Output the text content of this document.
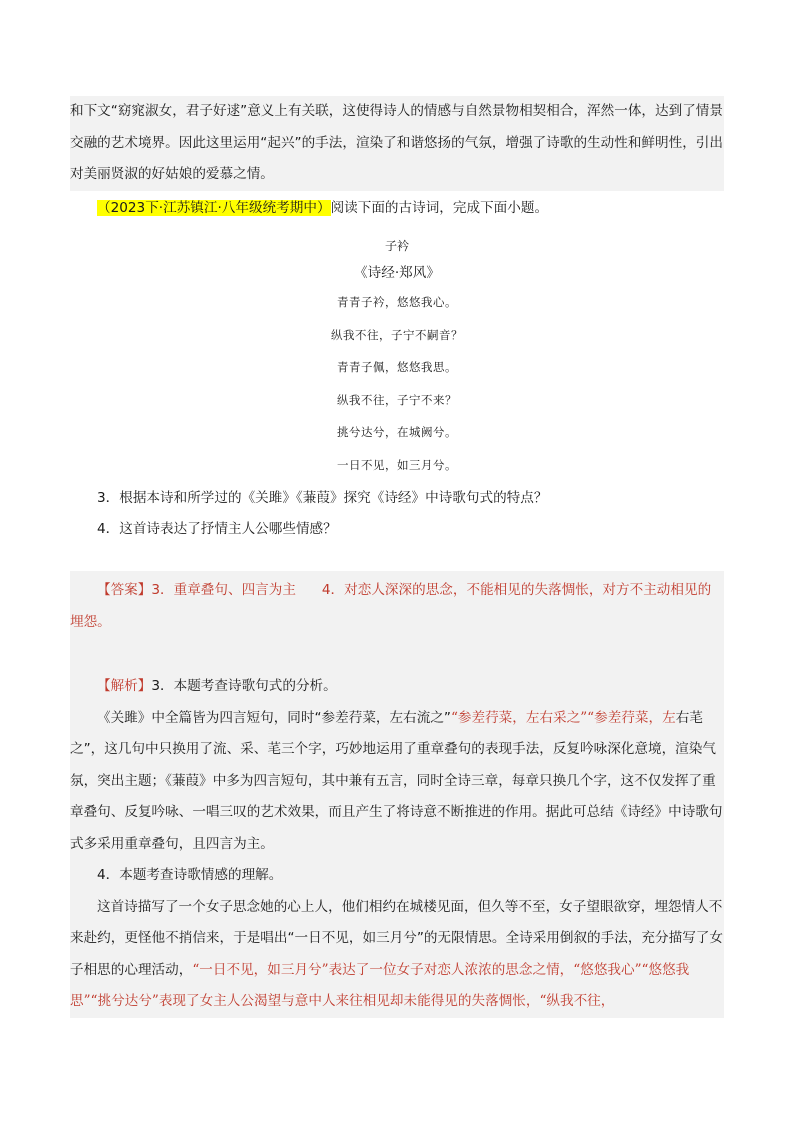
和下文“窈窕淑女，君子好逑”意义上有关联，这使得诗人的情感与自然景物相契相合，浑然一体，达到了情景交融的艺术境界。因此这里运用“起兴”的手法，渲染了和谐悠扬的气氛，增强了诗歌的生动性和鲜明性，引出对美丽贤淑的好姑娘的爱慕之情。

（2023下·江苏镇江·八年级统考期中）阅读下面的古诗词，完成下面小题。

子衿
《诗经·郑风》
青青子衿，悠悠我心。
纵我不往，子宁不嗣音？
青青子佩，悠悠我思。
纵我不往，子宁不来？
挑兮达兮，在城阙兮。
一日不见，如三月兮。

3．根据本诗和所学过的《关雎》《蒹葭》探究《诗经》中诗歌句式的特点？

4．这首诗表达了抒情主人公哪些情感？

【答案】3．重章叠句、四言为主 4．对恋人深深的思念，不能相见的失落惆怅，对方不主动相见的埋怨。

【解析】3．本题考查诗歌句式的分析。

《关雎》中全篇皆为四言短句，同时“参差荇菜，左右流之”“参差荇菜，左右采之”“参差荇菜，左右芼之”，这几句中只换用了流、采、芼三个字，巧妙地运用了重章叠句的表现手法，反复吟咏深化意境，渲染气氛，突出主题；《蒹葭》中多为四言短句，其中兼有五言，同时全诗三章，每章只换几个字，这不仅发挥了重章叠句、反复吟咏、一唱三叹的艺术效果，而且产生了将诗意不断推进的作用。据此可总结《诗经》中诗歌句式多采用重章叠句，且四言为主。

4．本题考查诗歌情感的理解。

这首诗描写了一个女子思念她的心上人，他们相约在城楼见面，但久等不至，女子望眼欲穿，埋怨情人不来赴约，更怪他不捎信来，于是唱出“一日不见，如三月兮”的无限情思。全诗采用倒叙的手法，充分描写了女子相思的心理活动，“一日不见，如三月兮”表达了一位女子对恋人浓浓的思念之情，“悠悠我心”“悠悠我思”“挑兮达兮”表现了女主人公渴望与意中人来往相见却未能得见的失落惆怅，“纵我不往，
